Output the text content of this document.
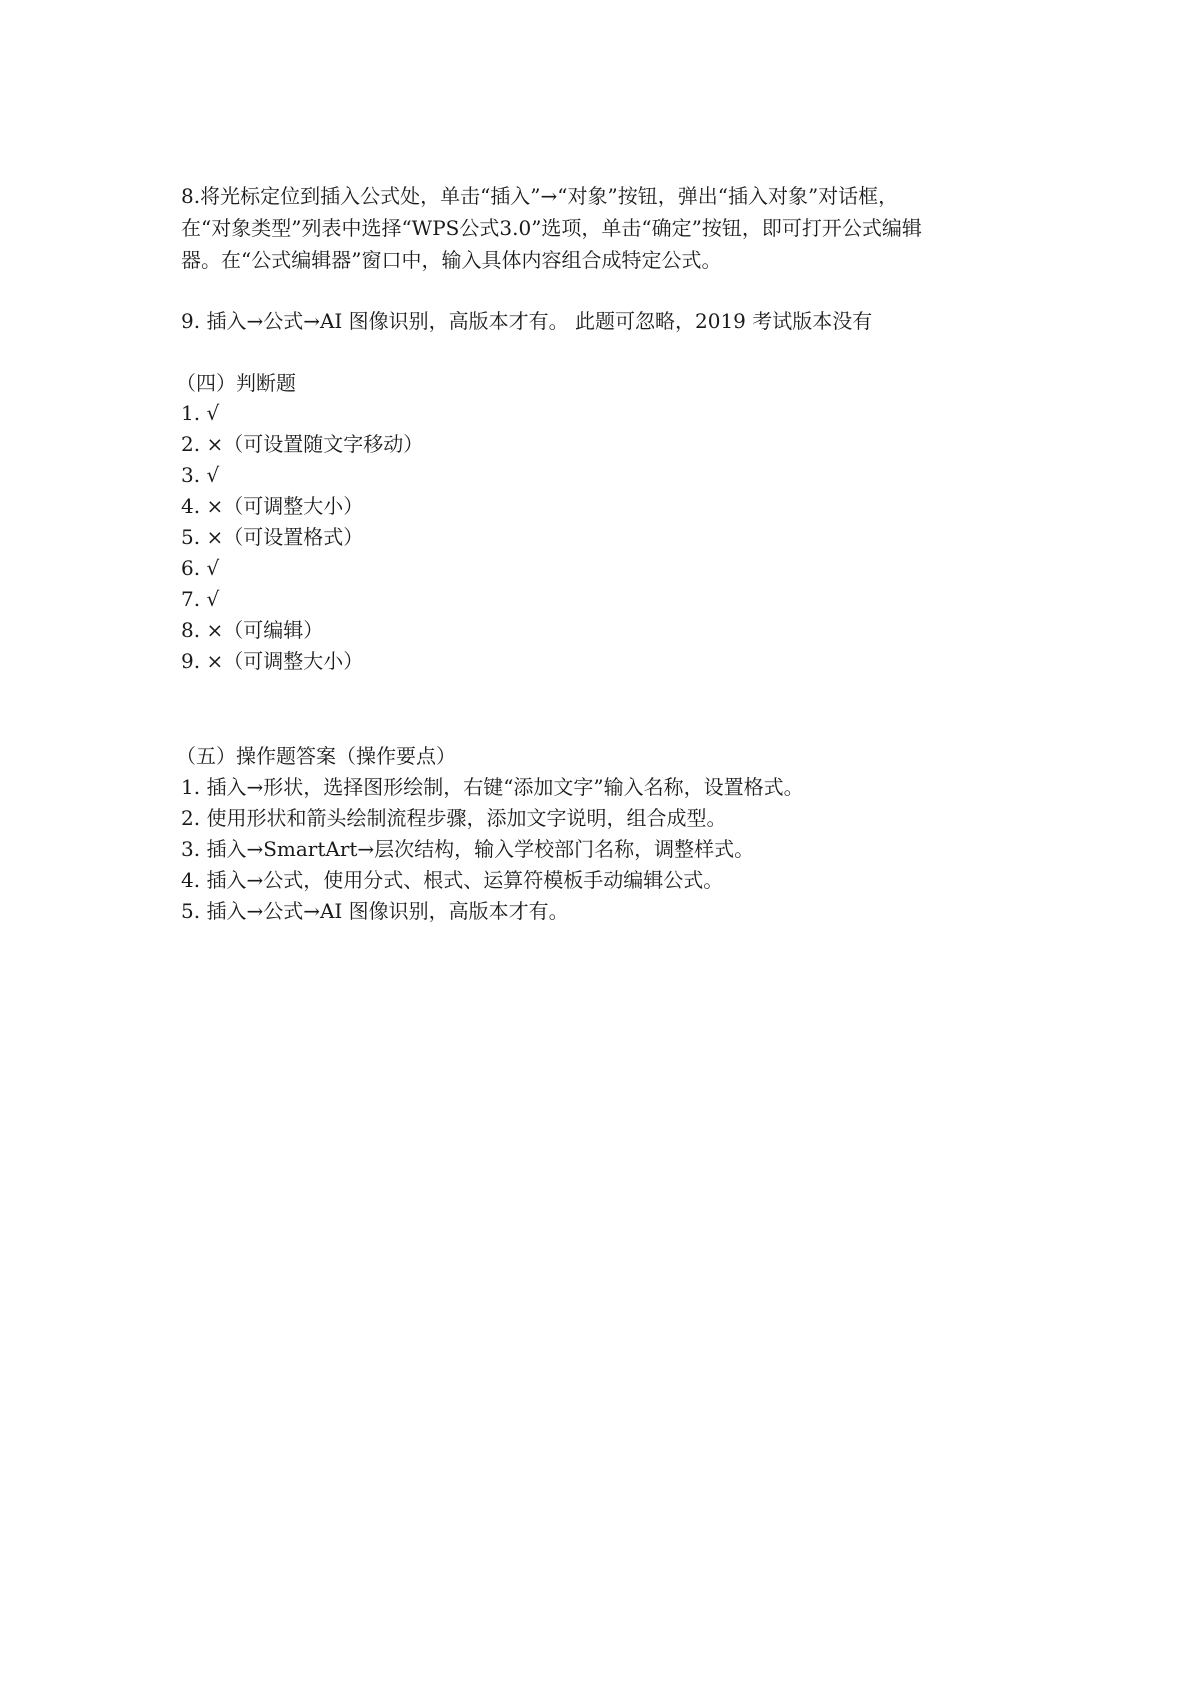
8.将光标定位到插入公式处，单击“插入”→“对象”按钮，弹出“插入对象”对话框，

在“对象类型”列表中选择“WPS公式3.0”选项，单击“确定”按钮，即可打开公式编辑

器。在“公式编辑器”窗口中，输入具体内容组合成特定公式。

9. 插入→公式→AI 图像识别，高版本才有。 此题可忽略，2019 考试版本没有

（四）判断题

1. √

2. ×（可设置随文字移动）

3. √

4. ×（可调整大小）

5. ×（可设置格式）

6. √

7. √

8. ×（可编辑）

9. ×（可调整大小）

（五）操作题答案（操作要点）

1. 插入→形状，选择图形绘制，右键“添加文字”输入名称，设置格式。

2. 使用形状和箭头绘制流程步骤，添加文字说明，组合成型。

3. 插入→SmartArt→层次结构，输入学校部门名称，调整样式。

4. 插入→公式，使用分式、根式、运算符模板手动编辑公式。

5. 插入→公式→AI 图像识别，高版本才有。
